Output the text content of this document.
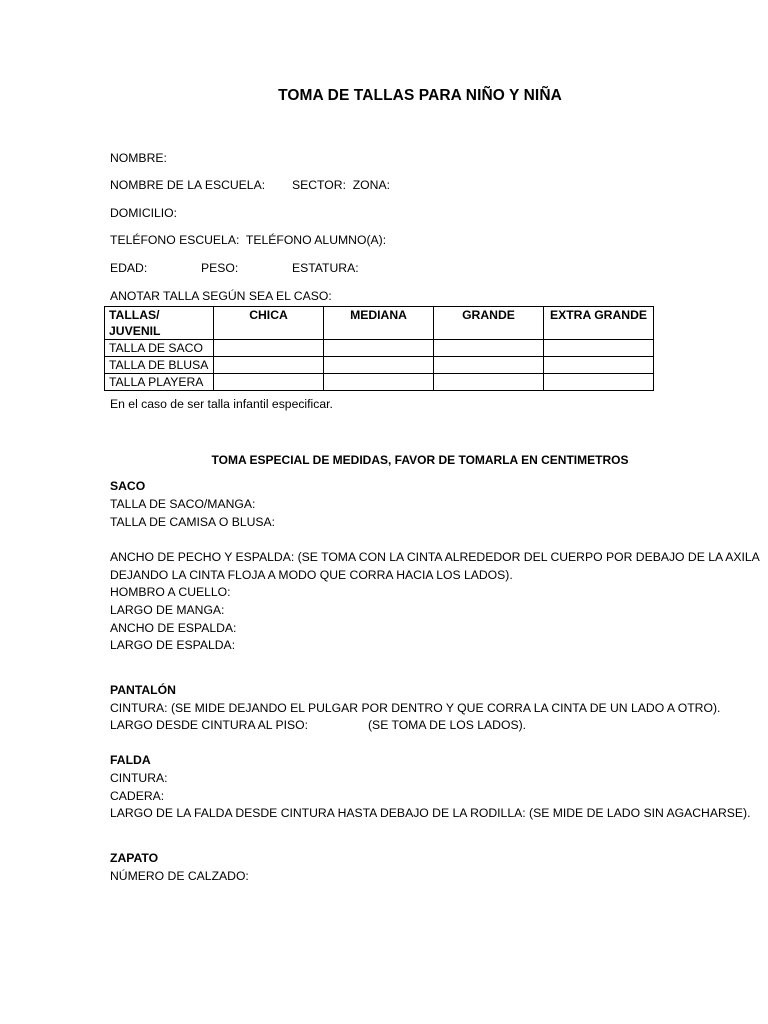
TOMA DE TALLAS PARA NIÑO Y NIÑA
NOMBRE:
NOMBRE DE LA ESCUELA: SECTOR:  ZONA:
DOMICILIO:
TELÉFONO ESCUELA:  TELÉFONO ALUMNO(A):
EDAD:	PESO:	ESTATURA:
ANOTAR TALLA SEGÚN SEA EL CASO:
TALLAS/
JUVENIL	CHICA	MEDIANA	GRANDE	EXTRA GRANDE
TALLA DE SACO				
TALLA DE BLUSA				
TALLA PLAYERA				
En el caso de ser talla infantil especificar.
TOMA ESPECIAL DE MEDIDAS, FAVOR DE TOMARLA EN CENTIMETROS
SACO
TALLA DE SACO/MANGA:
TALLA DE CAMISA O BLUSA:
ANCHO DE PECHO Y ESPALDA: (SE TOMA CON LA CINTA ALREDEDOR DEL CUERPO POR DEBAJO DE LA AXILA
DEJANDO LA CINTA FLOJA A MODO QUE CORRA HACIA LOS LADOS).
HOMBRO A CUELLO:
LARGO DE MANGA:
ANCHO DE ESPALDA:
LARGO DE ESPALDA:
PANTALÓN
CINTURA: (SE MIDE DEJANDO EL PULGAR POR DENTRO Y QUE CORRA LA CINTA DE UN LADO A OTRO).
LARGO DESDE CINTURA AL PISO:	(SE TOMA DE LOS LADOS).
FALDA
CINTURA:
CADERA:
LARGO DE LA FALDA DESDE CINTURA HASTA DEBAJO DE LA RODILLA: (SE MIDE DE LADO SIN AGACHARSE).
ZAPATO
NÚMERO DE CALZADO:
